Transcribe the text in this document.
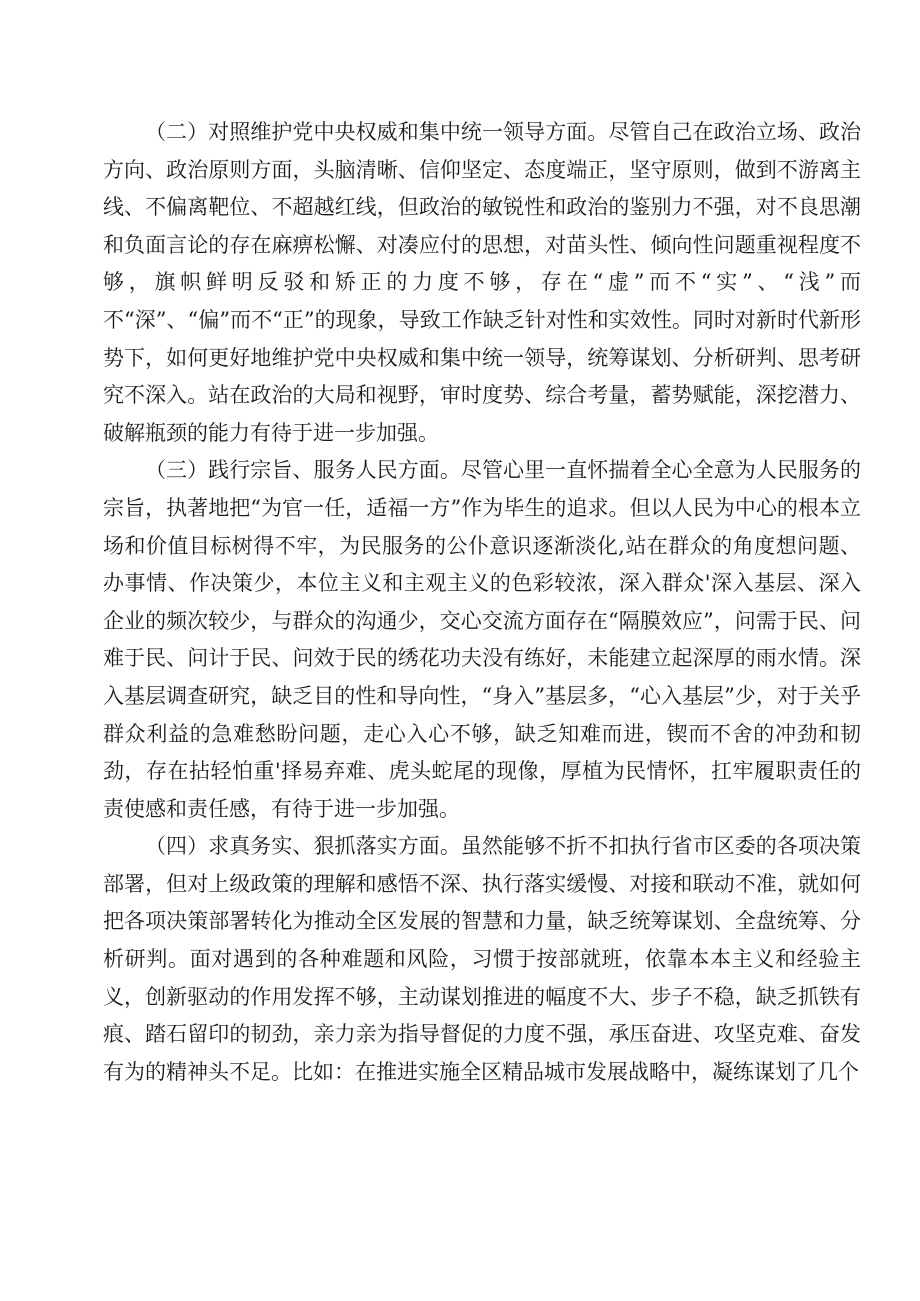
（二）对照维护党中央权威和集中统一领导方面。尽管自己在政治立场、政治方向、政治原则方面，头脑清晰、信仰坚定、态度端正，坚守原则，做到不游离主线、不偏离靶位、不超越红线，但政治的敏锐性和政治的鉴别力不强，对不良思潮和负面言论的存在麻痹松懈、对凑应付的思想，对苗头性、倾向性问题重视程度不够，旗帜鲜明反驳和矫正的力度不够，存在“虚”而不“实”、“浅”而不“深”、“偏”而不“正”的现象，导致工作缺乏针对性和实效性。同时对新时代新形势下，如何更好地维护党中央权威和集中统一领导，统筹谋划、分析研判、思考研究不深入。站在政治的大局和视野，审时度势、综合考量，蓄势赋能，深挖潜力、破解瓶颈的能力有待于进一步加强。

（三）践行宗旨、服务人民方面。尽管心里一直怀揣着全心全意为人民服务的宗旨，执著地把“为官一任，适福一方”作为毕生的追求。但以人民为中心的根本立场和价值目标树得不牢，为民服务的公仆意识逐渐淡化,站在群众的角度想问题、办事情、作决策少，本位主义和主观主义的色彩较浓，深入群众'深入基层、深入企业的频次较少，与群众的沟通少，交心交流方面存在“隔膜效应”，问需于民、问难于民、问计于民、问效于民的绣花功夫没有练好，未能建立起深厚的雨水情。深入基层调查研究，缺乏目的性和导向性，“身入”基层多，“心入基层”少，对于关乎群众利益的急难愁盼问题，走心入心不够，缺乏知难而进，锲而不舍的冲劲和韧劲，存在拈轻怕重'择易弃难、虎头蛇尾的现像，厚植为民情怀，扛牢履职责任的责使感和责任感，有待于进一步加强。

（四）求真务实、狠抓落实方面。虽然能够不折不扣执行省市区委的各项决策部署，但对上级政策的理解和感悟不深、执行落实缓慢、对接和联动不准，就如何把各项决策部署转化为推动全区发展的智慧和力量，缺乏统筹谋划、全盘统筹、分析研判。面对遇到的各种难题和风险，习惯于按部就班，依靠本本主义和经验主义，创新驱动的作用发挥不够，主动谋划推进的幅度不大、步子不稳，缺乏抓铁有痕、踏石留印的韧劲，亲力亲为指导督促的力度不强，承压奋进、攻坚克难、奋发有为的精神头不足。比如：在推进实施全区精品城市发展战略中，凝练谋划了几个
